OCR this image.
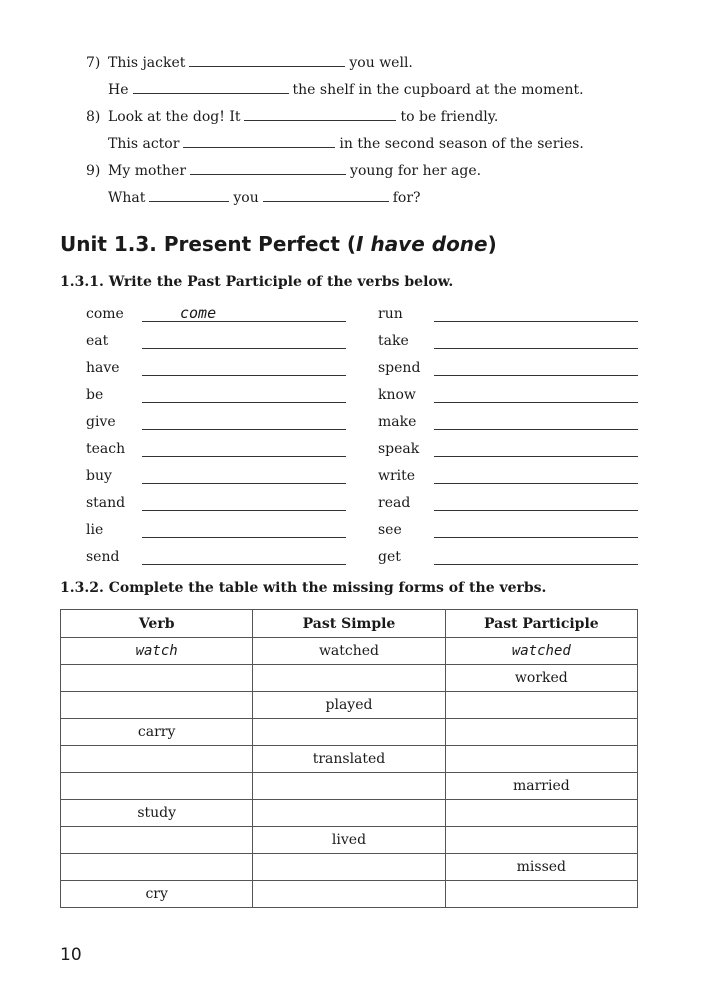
7) This jacket	you well.
He	the shelf in the cupboard at the moment.
8) Look at the dog! It	to be friendly.
This actor	in the second season of the series.
9) My mother	young for her age.
What	you	for?
Unit 1.3. Present Perfect (I have done)
1.3.1. Write the Past Participle of the verbs below.
come	come
eat
have
be
give
teach
buy
stand
lie
send
run
take
spend
know
make
speak
write
read
see
get
1.3.2. Complete the table with the missing forms of the verbs.
Verb	Past Simple	Past Participle
watch	watched	watched
		worked
	played	
carry		
	translated	
		married
study		
	lived	
		missed
cry		
10
